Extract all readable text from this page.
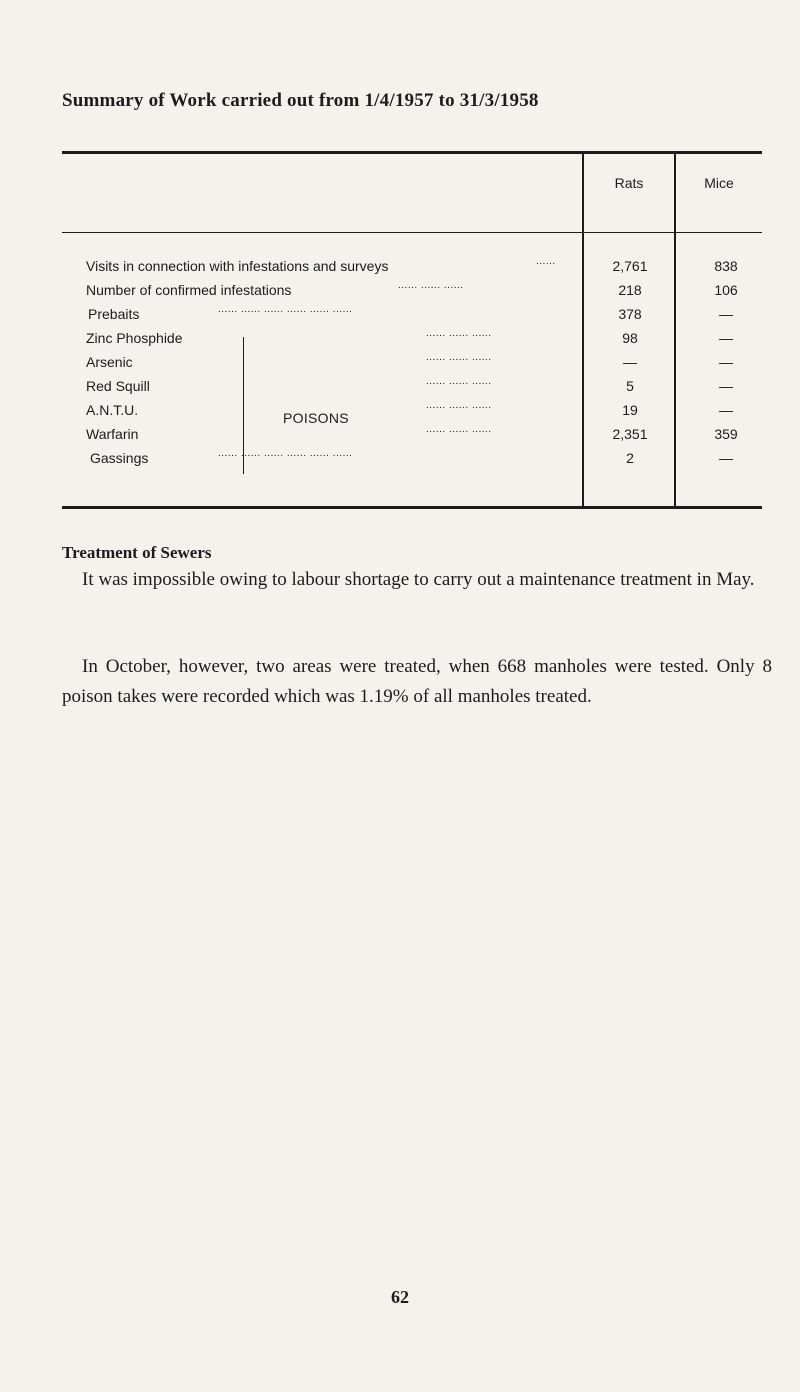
Summary of Work carried out from 1/4/1957 to 31/3/1958
Rats	Mice
Visits in connection with infestations and surveys	......	2,761	838
Number of confirmed infestations	...... ...... ......	218	106
Prebaits	...... ...... ...... ...... ...... ......	378	—
Zinc Phosphide	...... ...... ......	98	—
Arsenic	...... ...... ......	—	—
Red Squill	...... ...... ......	5	—
A.N.T.U.	...... ...... ......	19	—
Warfarin	...... ...... ......	2,351	359
Gassings	...... ...... ...... ...... ...... ......	2	—
POISONS
Treatment of Sewers
It was impossible owing to labour shortage to carry out a maintenance treatment in May.
In October, however, two areas were treated, when 668 manholes were tested. Only 8 poison takes were recorded which was 1.19% of all manholes treated.
62
